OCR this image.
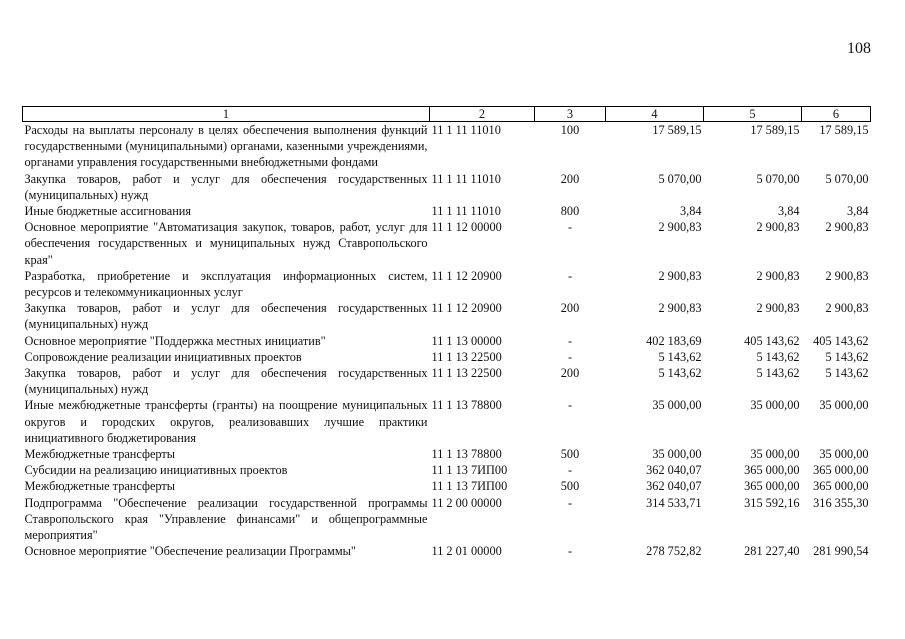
108
1	2	3	4	5	6
Расходы на выплаты персоналу в целях обеспечения выполнения функций государственными (муниципальными) органами, казенными учреждениями, органами управления государственными внебюджетными фондами	11 1 11 11010	100	17 589,15	17 589,15	17 589,15
Закупка товаров, работ и услуг для обеспечения государственных (муниципальных) нужд	11 1 11 11010	200	5 070,00	5 070,00	5 070,00
Иные бюджетные ассигнования	11 1 11 11010	800	3,84	3,84	3,84
Основное мероприятие "Автоматизация закупок, товаров, работ, услуг для обеспечения государственных и муниципальных нужд Ставропольского края"	11 1 12 00000	-	2 900,83	2 900,83	2 900,83
Разработка, приобретение и эксплуатация информационных систем, ресурсов и телекоммуникационных услуг	11 1 12 20900	-	2 900,83	2 900,83	2 900,83
Закупка товаров, работ и услуг для обеспечения государственных (муниципальных) нужд	11 1 12 20900	200	2 900,83	2 900,83	2 900,83
Основное мероприятие "Поддержка местных инициатив"	11 1 13 00000	-	402 183,69	405 143,62	405 143,62
Сопровождение реализации инициативных проектов	11 1 13 22500	-	5 143,62	5 143,62	5 143,62
Закупка товаров, работ и услуг для обеспечения государственных (муниципальных) нужд	11 1 13 22500	200	5 143,62	5 143,62	5 143,62
Иные межбюджетные трансферты (гранты) на поощрение муниципальных округов и городских округов, реализовавших лучшие практики инициативного бюджетирования	11 1 13 78800	-	35 000,00	35 000,00	35 000,00
Межбюджетные трансферты	11 1 13 78800	500	35 000,00	35 000,00	35 000,00
Субсидии на реализацию инициативных проектов	11 1 13 7ИП00	-	362 040,07	365 000,00	365 000,00
Межбюджетные трансферты	11 1 13 7ИП00	500	362 040,07	365 000,00	365 000,00
Подпрограмма "Обеспечение реализации государственной программы Ставропольского края "Управление финансами" и общепрограммные мероприятия"	11 2 00 00000	-	314 533,71	315 592,16	316 355,30
Основное мероприятие "Обеспечение реализации Программы"	11 2 01 00000	-	278 752,82	281 227,40	281 990,54
